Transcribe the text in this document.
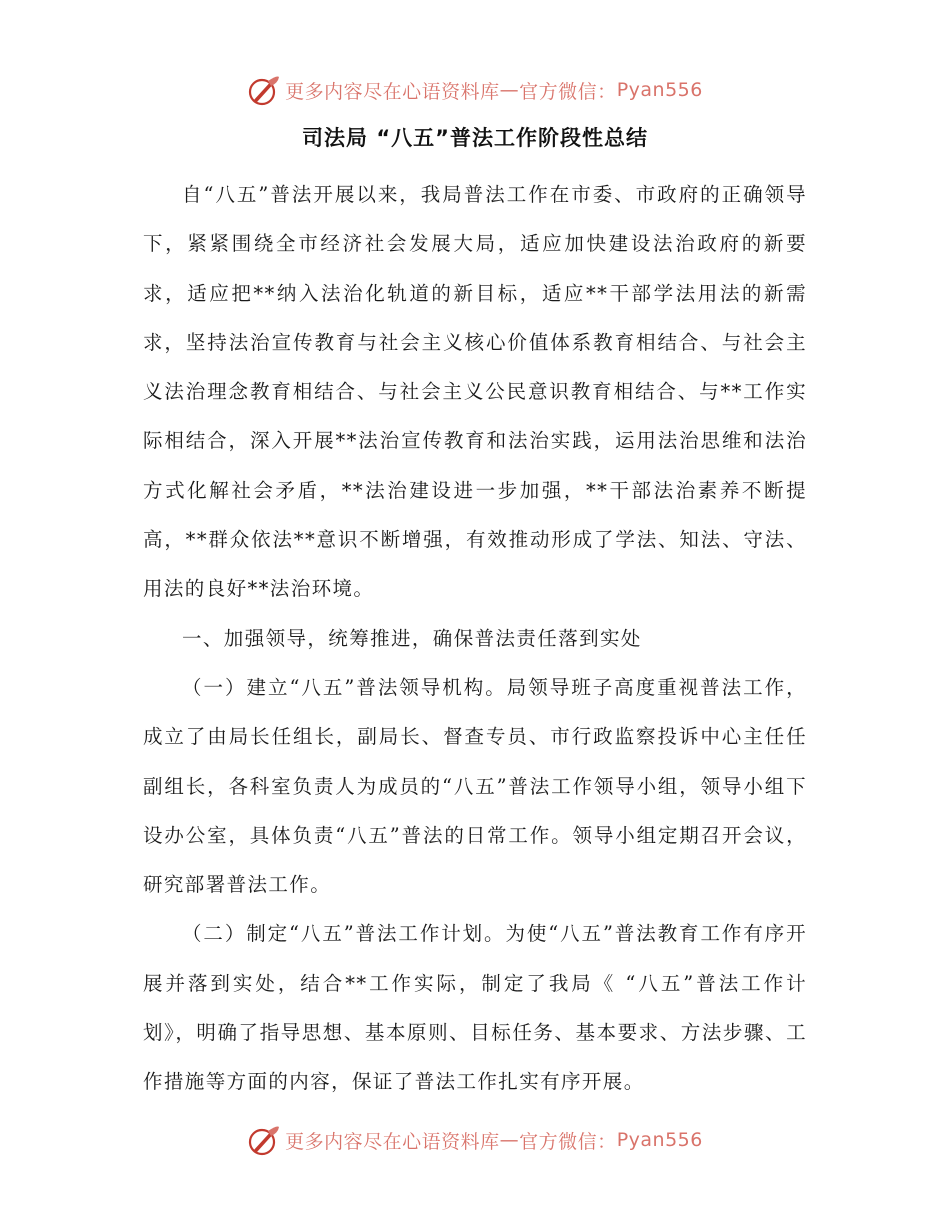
更多内容尽在心语资料库 — 官方微信： Pyan556
司法局 “八五”普法工作阶段性总结

自“八五”普法开展以来，我局普法工作在市委、市政府的正确领导下，紧紧围绕全市经济社会发展大局，适应加快建设法治政府的新要求，适应把**纳入法治化轨道的新目标，适应**干部学法用法的新需求，坚持法治宣传教育与社会主义核心价值体系教育相结合、与社会主义法治理念教育相结合、与社会主义公民意识教育相结合、与**工作实际相结合，深入开展**法治宣传教育和法治实践，运用法治思维和法治方式化解社会矛盾，**法治建设进一步加强，**干部法治素养不断提高，**群众依法**意识不断增强，有效推动形成了学法、知法、守法、用法的良好**法治环境。

一、加强领导，统筹推进，确保普法责任落到实处

（一）建立“八五”普法领导机构。局领导班子高度重视普法工作，成立了由局长任组长，副局长、督查专员、市行政监察投诉中心主任任副组长，各科室负责人为成员的“八五”普法工作领导小组，领导小组下设办公室，具体负责“八五”普法的日常工作。领导小组定期召开会议，研究部署普法工作。

（二）制定“八五”普法工作计划。为使“八五”普法教育工作有序开展并落到实处，结合**工作实际，制定了我局《 “八五”普法工作计划》，明确了指导思想、基本原则、目标任务、基本要求、方法步骤、工作措施等方面的内容，保证了普法工作扎实有序开展。

更多内容尽在心语资料库 — 官方微信： Pyan556
